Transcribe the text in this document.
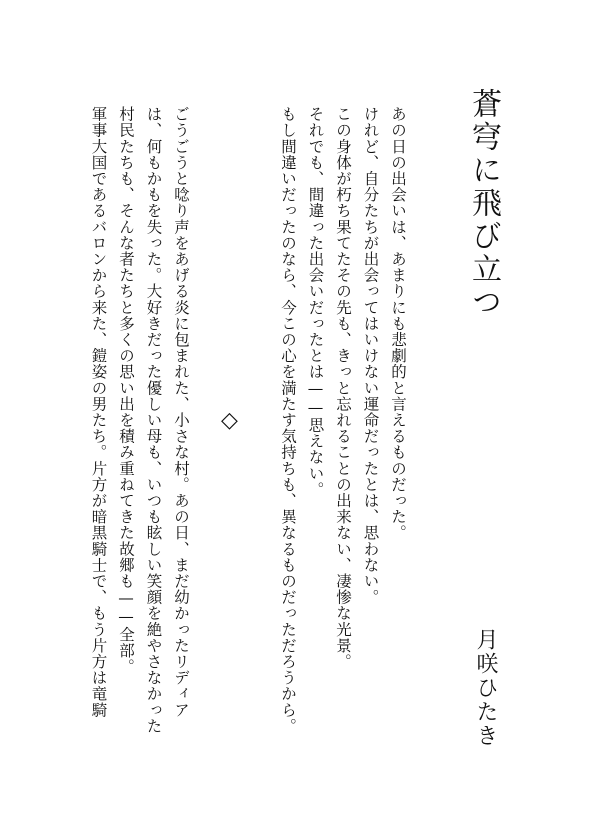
蒼穹に飛び立つ
あの日の出会いは、あまりにも悲劇的と言えるものだった。
けれど、自分たちが出会ってはいけない運命だったとは、思わない。
この身体が朽ち果てたその先も、きっと忘れることの出来ない、凄惨な光景。
それでも、間違った出会いだったとは——思えない。
もし間違いだったのなら、今この心を満たす気持ちも、異なるものだっただろうから。
◇
月咲ひたき
ごうごうと唸り声をあげる炎に包まれた、小さな村。あの日、まだ幼かったリディア
は、何もかもを失った。大好きだった優しい母も、いつも眩しい笑顔を絶やさなかった
村民たちも、そんな者たちと多くの思い出を積み重ねてきた故郷も——全部。
軍事大国であるバロンから来た、鎧姿の男たち。片方が暗黒騎士で、もう片方は竜騎
